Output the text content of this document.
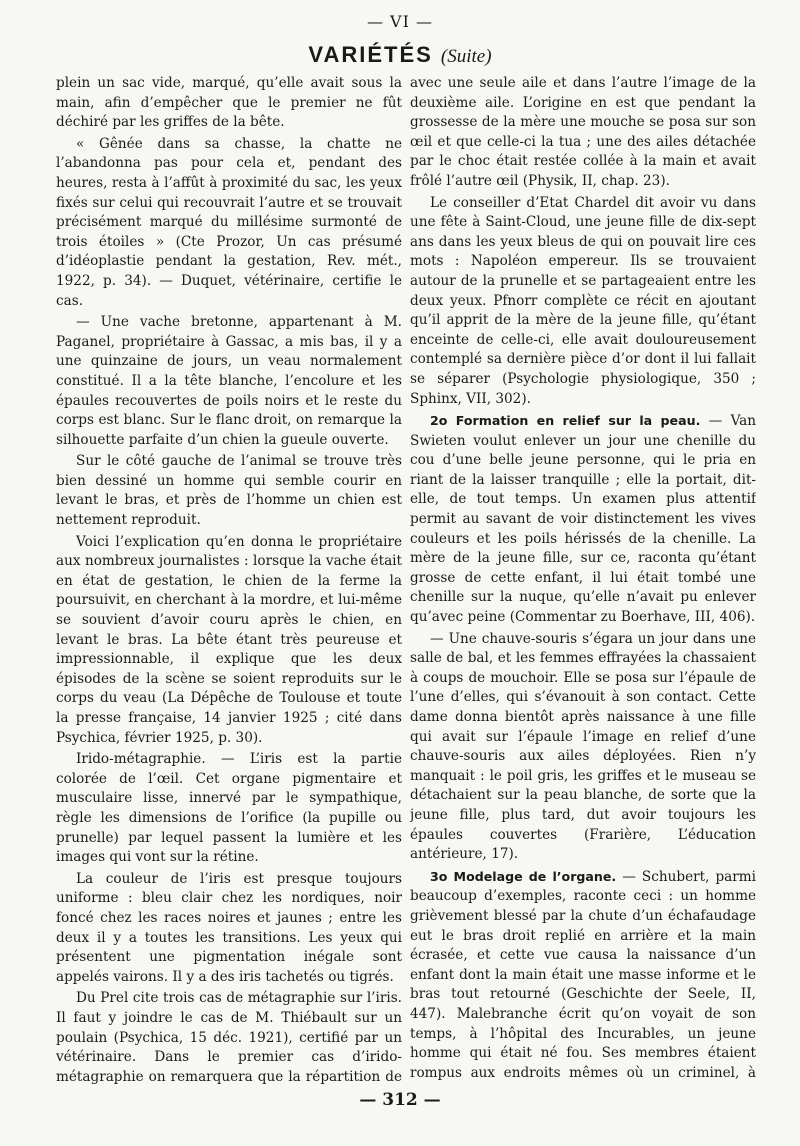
— VI —
VARIÉTÉS (Suite)

plein un sac vide, marqué, qu’elle avait sous la main, afin d’empêcher que le premier ne fût déchiré par les griffes de la bête.

« Gênée dans sa chasse, la chatte ne l’abandonna pas pour cela et, pendant des heures, resta à l’affût à proximité du sac, les yeux fixés sur celui qui recouvrait l’autre et se trouvait précisément marqué du millésime surmonté de trois étoiles » (Cte Prozor, Un cas présumé d’idéoplastie pendant la gestation, Rev. mét., 1922, p. 34). — Duquet, vétérinaire, certifie le cas.

— Une vache bretonne, appartenant à M. Paganel, propriétaire à Gassac, a mis bas, il y a une quinzaine de jours, un veau normalement constitué. Il a la tête blanche, l’encolure et les épaules recouvertes de poils noirs et le reste du corps est blanc. Sur le flanc droit, on remarque la silhouette parfaite d’un chien la gueule ouverte.

Sur le côté gauche de l’animal se trouve très bien dessiné un homme qui semble courir en levant le bras, et près de l’homme un chien est nettement reproduit.

Voici l’explication qu’en donna le propriétaire aux nombreux journalistes : lorsque la vache était en état de gestation, le chien de la ferme la poursuivit, en cherchant à la mordre, et lui-même se souvient d’avoir couru après le chien, en levant le bras. La bête étant très peureuse et impressionnable, il explique que les deux épisodes de la scène se soient reproduits sur le corps du veau (La Dépêche de Toulouse et toute la presse française, 14 janvier 1925 ; cité dans Psychica, février 1925, p. 30).

Irido-métagraphie. — L’iris est la partie colorée de l’œil. Cet organe pigmentaire et musculaire lisse, innervé par le sympathique, règle les dimensions de l’orifice (la pupille ou prunelle) par lequel passent la lumière et les images qui vont sur la rétine.

La couleur de l’iris est presque toujours uniforme : bleu clair chez les nordiques, noir foncé chez les races noires et jaunes ; entre les deux il y a toutes les transitions. Les yeux qui présentent une pigmentation inégale sont appelés vairons. Il y a des iris tachetés ou tigrés.

Du Prel cite trois cas de métagraphie sur l’iris. Il faut y joindre le cas de M. Thiébault sur un poulain (Psychica, 15 déc. 1921), certifié par un vétérinaire. Dans le premier cas d’irido-métagraphie on remarquera que la répartition de

avec une seule aile et dans l’autre l’image de la deuxième aile. L’origine en est que pendant la grossesse de la mère une mouche se posa sur son œil et que celle-ci la tua ; une des ailes détachée par le choc était restée collée à la main et avait frôlé l’autre œil (Physik, II, chap. 23).

Le conseiller d’Etat Chardel dit avoir vu dans une fête à Saint-Cloud, une jeune fille de dix-sept ans dans les yeux bleus de qui on pouvait lire ces mots : Napoléon empereur. Ils se trouvaient autour de la prunelle et se partageaient entre les deux yeux. Pfnorr complète ce récit en ajoutant qu’il apprit de la mère de la jeune fille, qu’étant enceinte de celle-ci, elle avait douloureusement contemplé sa dernière pièce d’or dont il lui fallait se séparer (Psychologie physiologique, 350 ; Sphinx, VII, 302).

2o Formation en relief sur la peau. — Van Swieten voulut enlever un jour une chenille du cou d’une belle jeune personne, qui le pria en riant de la laisser tranquille ; elle la portait, dit-elle, de tout temps. Un examen plus attentif permit au savant de voir distinctement les vives couleurs et les poils hérissés de la chenille. La mère de la jeune fille, sur ce, raconta qu’étant grosse de cette enfant, il lui était tombé une chenille sur la nuque, qu’elle n’avait pu enlever qu’avec peine (Commentar zu Boerhave, III, 406).

— Une chauve-souris s’égara un jour dans une salle de bal, et les femmes effrayées la chassaient à coups de mouchoir. Elle se posa sur l’épaule de l’une d’elles, qui s’évanouit à son contact. Cette dame donna bientôt après naissance à une fille qui avait sur l’épaule l’image en relief d’une chauve-souris aux ailes déployées. Rien n’y manquait : le poil gris, les griffes et le museau se détachaient sur la peau blanche, de sorte que la jeune fille, plus tard, dut avoir toujours les épaules couvertes (Frarière, L’éducation antérieure, 17).

3o Modelage de l’organe. — Schubert, parmi beaucoup d’exemples, raconte ceci : un homme grièvement blessé par la chute d’un échafaudage eut le bras droit replié en arrière et la main écrasée, et cette vue causa la naissance d’un enfant dont la main était une masse informe et le bras tout retourné (Geschichte der Seele, II, 447). Malebranche écrit qu’on voyait de son temps, à l’hôpital des Incurables, un jeune homme qui était né fou. Ses membres étaient rompus aux endroits mêmes où un criminel, à

— 312 —
